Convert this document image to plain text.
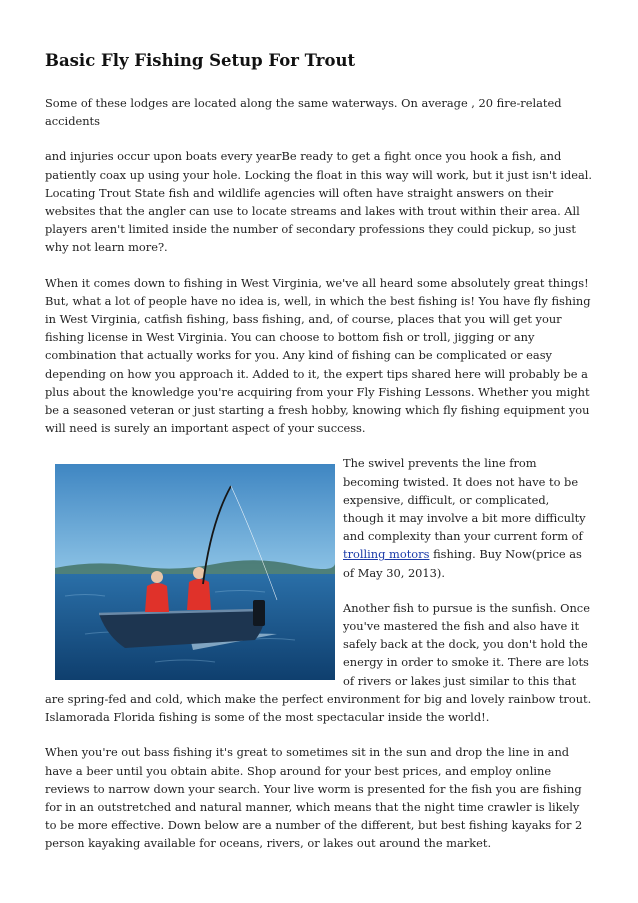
Basic Fly Fishing Setup For Trout

Some of these lodges are located along the same waterways. On average , 20 fire-related accidents

and injuries occur upon boats every yearBe ready to get a fight once you hook a fish, and patiently coax up using your hole. Locking the float in this way will work, but it just isn't ideal. Locating Trout State fish and wildlife agencies will often have straight answers on their websites that the angler can use to locate streams and lakes with trout within their area. All players aren't limited inside the number of secondary professions they could pickup, so just why not learn more?.

When it comes down to fishing in West Virginia, we've all heard some absolutely great things! But, what a lot of people have no idea is, well, in which the best fishing is! You have fly fishing in West Virginia, catfish fishing, bass fishing, and, of course, places that you will get your fishing license in West Virginia. You can choose to bottom fish or troll, jigging or any combination that actually works for you. Any kind of fishing can be complicated or easy depending on how you approach it. Added to it, the expert tips shared here will probably be a plus about the knowledge you're acquiring from your Fly Fishing Lessons. Whether you might be a seasoned veteran or just starting a fresh hobby, knowing which fly fishing equipment you will need is surely an important aspect of your success.

The swivel prevents the line from becoming twisted. It does not have to be expensive, difficult, or complicated, though it may involve a bit more difficulty and complexity than your current form of trolling motors fishing. Buy Now(price as of May 30, 2013).

Another fish to pursue is the sunfish. Once you've mastered the fish and also have it safely back at the dock, you don't hold the energy in order to smoke it. There are lots of rivers or lakes just similar to this that are spring-fed and cold, which make the perfect environment for big and lovely rainbow trout. Islamorada Florida fishing is some of the most spectacular inside the world!.

When you're out bass fishing it's great to sometimes sit in the sun and drop the line in and have a beer until you obtain abite. Shop around for your best prices, and employ online reviews to narrow down your search. Your live worm is presented for the fish you are fishing for in an outstretched and natural manner, which means that the night time crawler is likely to be more effective. Down below are a number of the different, but best fishing kayaks for 2 person kayaking available for oceans, rivers, or lakes out around the market.
